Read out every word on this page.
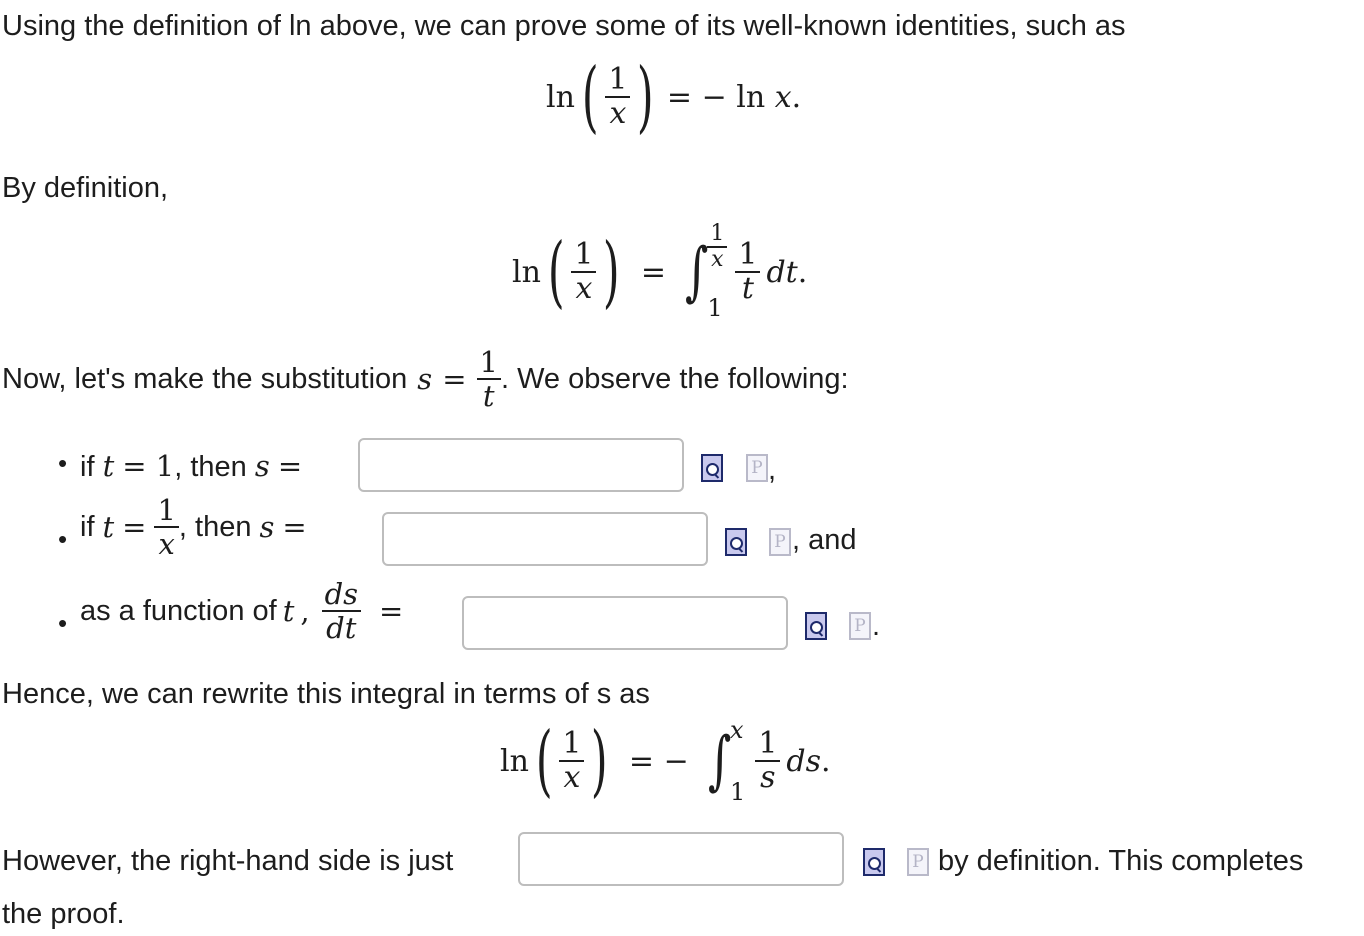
Using the definition of ln above, we can prove some of its well-known identities, such as
ln ( $\frac{1}{x}$ ) = − ln x.
By definition,
ln ( $\frac{1}{x}$ ) = ∫ $\frac{1}{x}$
1
$\frac{1}{t}$ dt.
Now, let's make the substitution $s = \frac{1}{t}$ . We observe the following:
• if t = 1, then s =	P ,
• if $t = \frac{1}{x}$ , then s =	P , and
• as a function of t , $\frac{ds}{dt}$ =	P .
Hence, we can rewrite this integral in terms of s as
ln ( $\frac{1}{x}$ ) = − ∫ x
$1 \frac{1}{s}$ ds.
However, the right-hand side is just	P by definition. This completes
the proof.
